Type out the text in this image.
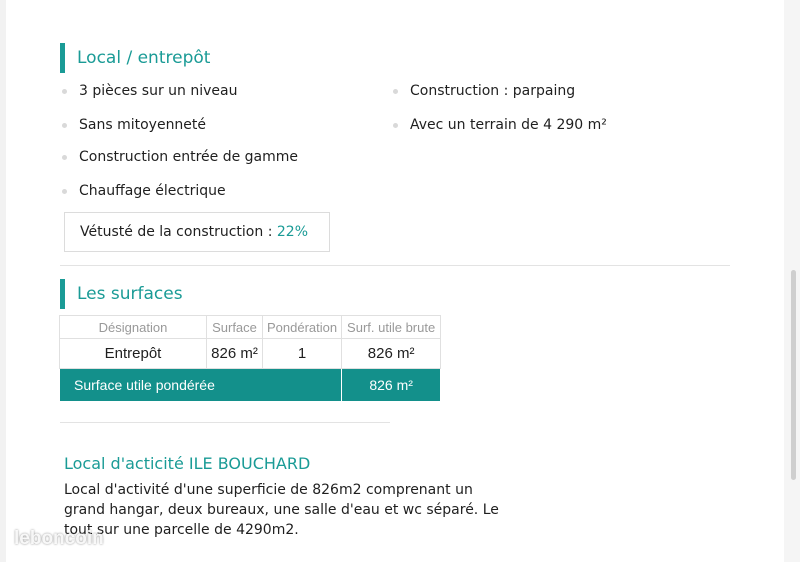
Local / entrepôt
3 pièces sur un niveau
Sans mitoyenneté
Construction entrée de gamme
Chauffage électrique
Construction : parpaing
Avec un terrain de 4 290 m²
Vétusté de la construction : 22%
Les surfaces
Désignation	Surface	Pondération	Surf. utile brute
Entrepôt	826 m²	1	826 m²
Surface utile pondérée			826 m²
Local d'acticité ILE BOUCHARD
Local d'activité d'une superficie de 826m2 comprenant un grand hangar, deux bureaux, une salle d'eau et wc séparé. Le tout sur une parcelle de 4290m2.
leboncoin
